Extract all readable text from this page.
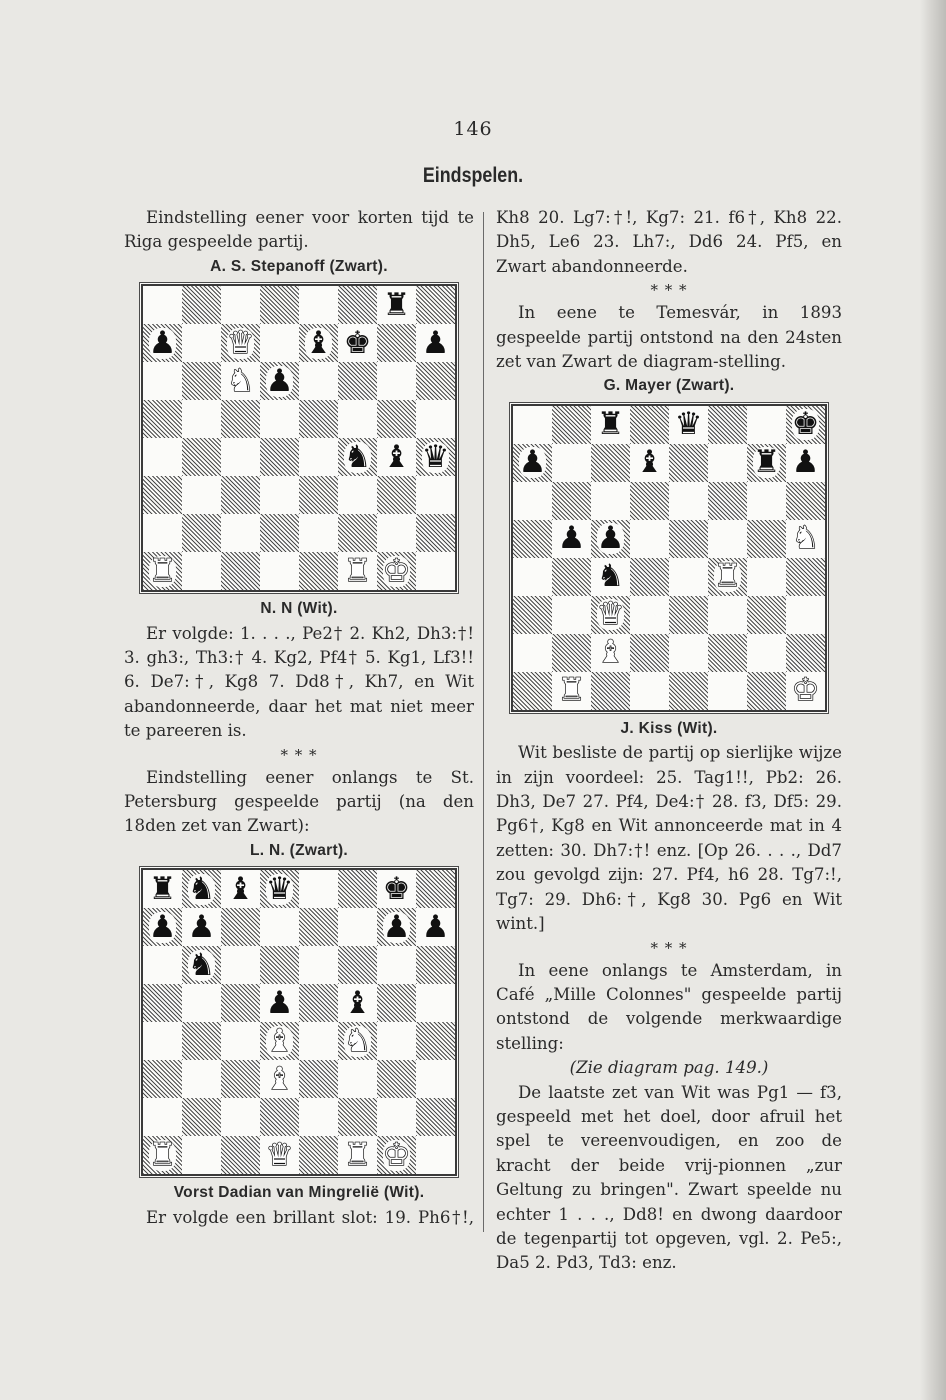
146
Eindspelen.

Eindstelling eener voor korten tijd te Riga gespeelde partij.

A. S. Stepanoff (Zwart).

♜
♟ ♛ ♛ ♝ ♚ ♟
♞ ♞ ♟
♞ ♝ ♛
♜ ♜	♜ ♜ ♚ ♚

N. N (Wit).

Er volgde: 1. . . ., Pe2† 2. Kh2, Dh3:†! 3. gh3:, Th3:† 4. Kg2, Pf4† 5. Kg1, Lf3!! 6. De7:†, Kg8 7. Dd8†, Kh7, en Wit abandonneerde, daar het mat niet meer te pareeren is.

* * *

Eindstelling eener onlangs te St. Petersburg gespeelde partij (na den 18den zet van Zwart):

L. N. (Zwart).

♜ ♞ ♝ ♛	♚
♟ ♟	♟ ♟
♞
♟ ♝
♝ ♝ ♞ ♞
♝ ♝
♜ ♜	♛ ♛ ♜ ♜ ♚ ♚

Vorst Dadian van Mingrelië (Wit).

Er volgde een brillant slot: 19. Ph6†!,

Kh8 20. Lg7:†!, Kg7: 21. f6†, Kh8 22. Dh5, Le6 23. Lh7:, Dd6 24. Pf5, en Zwart abandonneerde.

* * *

In eene te Temesvár, in 1893 gespeelde partij ontstond na den 24sten zet van Zwart de diagram-stelling.

G. Mayer (Zwart).

♜ ♛	♚
♟	♝	♜ ♟
♟ ♟	♞ ♞
♞	♜ ♜
♛ ♛
♝ ♝
♜ ♜	♚ ♚

J. Kiss (Wit).

Wit besliste de partij op sierlijke wijze in zijn voordeel: 25. Tag1!!, Pb2: 26. Dh3, De7 27. Pf4, De4:† 28. f3, Df5: 29. Pg6†, Kg8 en Wit annonceerde mat in 4 zetten: 30. Dh7:†! enz. [Op 26. . . ., Dd7 zou gevolgd zijn: 27. Pf4, h6 28. Tg7:!, Tg7: 29. Dh6:†, Kg8 30. Pg6 en Wit wint.]

* * *

In eene onlangs te Amsterdam, in Café „Mille Colonnes" gespeelde partij ontstond de volgende merkwaardige stelling:

(Zie diagram pag. 149.)

De laatste zet van Wit was Pg1 — f3, gespeeld met het doel, door afruil het spel te vereenvoudigen, en zoo de kracht der beide vrij-pionnen „zur Geltung zu bringen". Zwart speelde nu echter 1 . . ., Dd8! en dwong daardoor de tegenpartij tot opgeven, vgl. 2. Pe5:, Da5 2. Pd3, Td3: enz.
